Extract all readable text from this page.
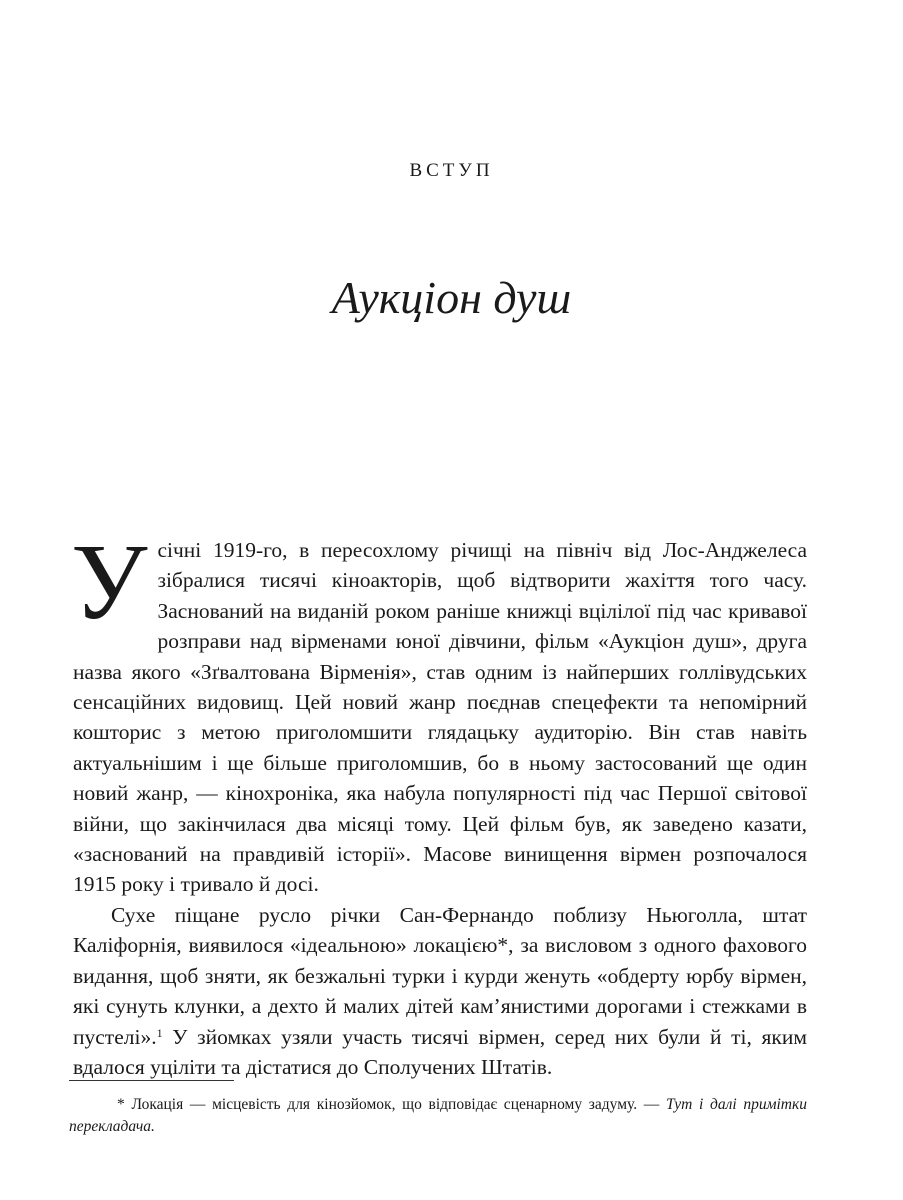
ВСТУП
Аукціон душ

У січні 1919-го, в пересохлому річищі на північ від Лос-Анджелеса зібралися тисячі кіноакторів, щоб відтворити жахіття того часу. Заснований на виданій роком раніше книжці вцілілої під час кривавої розправи над вірменами юної дівчини, фільм «Аукціон душ», друга назва якого «Зґвалтована Вірменія», став одним із найперших голлівудських сенсаційних видовищ. Цей новий жанр поєднав спецефекти та непомірний кошторис з метою приголомшити глядацьку аудиторію. Він став навіть актуальнішим і ще більше приголомшив, бо в ньому застосований ще один новий жанр, — кінохроніка, яка набула популярності під час Першої світової війни, що закінчилася два місяці тому. Цей фільм був, як заведено казати, «заснований на правдивій історії». Масове винищення вірмен розпочалося 1915 року і тривало й досі.

Сухе піщане русло річки Сан-Фернандо поблизу Ньюголла, штат Каліфорнія, виявилося «ідеальною» локацією*, за висловом з одного фахового видання, щоб зняти, як безжальні турки і курди женуть «обдерту юрбу вірмен, які сунуть клунки, а дехто й малих дітей кам’янистими дорогами і стежками в пустелі».$^1$ У зйомках узяли участь тисячі вірмен, серед них були й ті, яким вдалося уціліти та дістатися до Сполучених Штатів.

* Локація — місцевість для кінозйомок, що відповідає сценарному задуму. — Тут і далі примітки перекладача.
